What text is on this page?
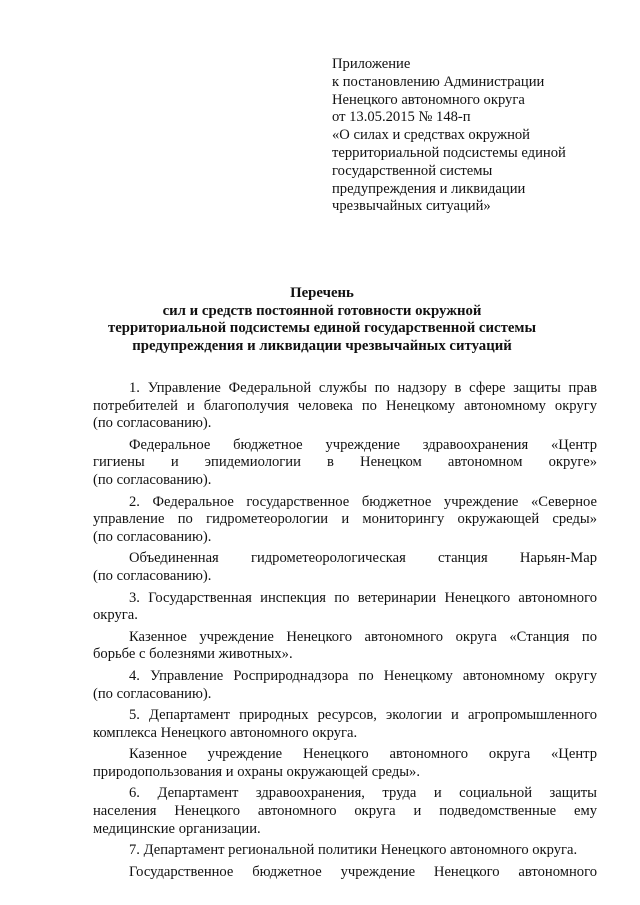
Приложение
к постановлению Администрации
Ненецкого автономного округа
от 13.05.2015 № 148-п
«О силах и средствах окружной
территориальной подсистемы единой
государственной системы
предупреждения и ликвидации
чрезвычайных ситуаций»
Перечень
сил и средств постоянной готовности окружной
территориальной подсистемы единой государственной системы
предупреждения и ликвидации чрезвычайных ситуаций
1. Управление Федеральной службы по надзору в сфере защиты прав
потребителей и благополучия человека по Ненецкому автономному округу
(по согласованию).
Федеральное бюджетное учреждение здравоохранения «Центр
гигиены и эпидемиологии в Ненецком автономном округе»
(по согласованию).
2. Федеральное государственное бюджетное учреждение «Северное
управление по гидрометеорологии и мониторингу окружающей среды»
(по согласованию).
Объединенная гидрометеорологическая станция Нарьян-Мар
(по согласованию).
3. Государственная инспекция по ветеринарии Ненецкого автономного
округа.
Казенное учреждение Ненецкого автономного округа «Станция по
борьбе с болезнями животных».
4. Управление Росприроднадзора по Ненецкому автономному округу
(по согласованию).
5. Департамент природных ресурсов, экологии и агропромышленного
комплекса Ненецкого автономного округа.
Казенное учреждение Ненецкого автономного округа «Центр
природопользования и охраны окружающей среды».
6. Департамент здравоохранения, труда и социальной защиты
населения Ненецкого автономного округа и подведомственные ему
медицинские организации.
7. Департамент региональной политики Ненецкого автономного округа.
Государственное бюджетное учреждение Ненецкого автономного
